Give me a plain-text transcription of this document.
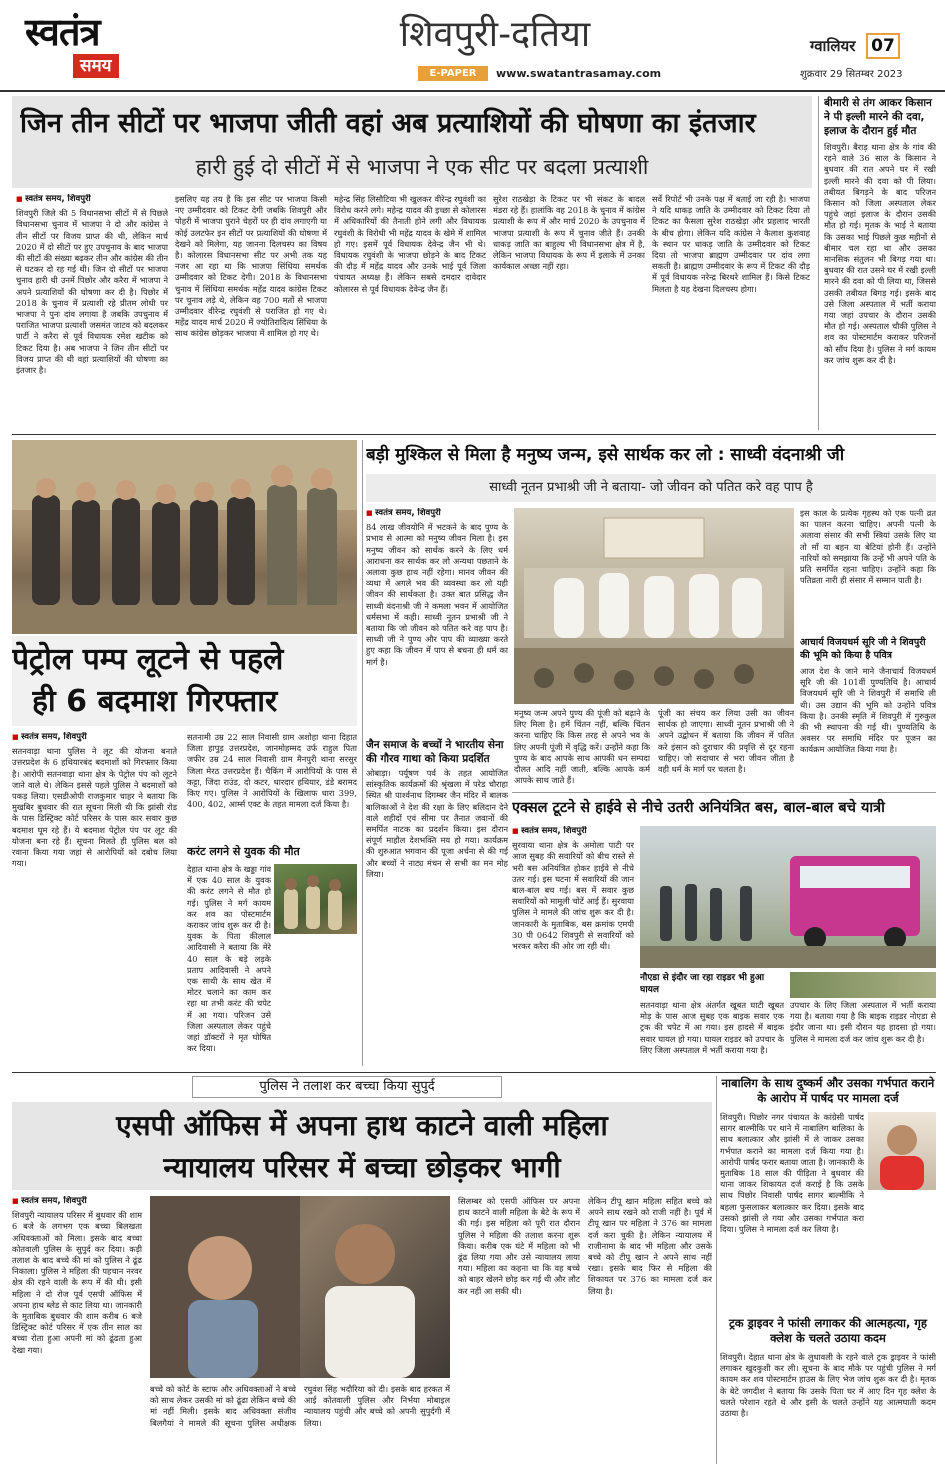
स्वतंत्र
समय
शिवपुरी-दतिया
E-PAPER	www.swatantrasamay.com
ग्वालियर 07
शुक्रवार 29 सितम्बर 2023
जिन तीन सीटों पर भाजपा जीती वहां अब प्रत्याशियों की घोषणा का इंतजार
हारी हुई दो सीटों में से भाजपा ने एक सीट पर बदला प्रत्याशी
■ स्वतंत्र समय, शिवपुरी
शिवपुरी जिले की 5 विधानसभा सीटों में से पिछले विधानसभा चुनाव में भाजपा ने दो और कांग्रेस ने तीन सीटों पर विजय प्राप्त की थी, लेकिन मार्च 2020 में दो सीटों पर हुए उपचुनाव के बाद भाजपा की सीटों की संख्या बढ़कर तीन और कांग्रेस की तीन से घटकर दो रह गई थी। जिन दो सीटों पर भाजपा चुनाव हारी थी उनमें पिछोर और करैरा में भाजपा ने अपने प्रत्याशियों की घोषणा कर दी है। पिछोर में 2018 के चुनाव में प्रत्याशी रहे प्रीतम लोधी पर भाजपा ने पुनः दांव लगाया है जबकि उपचुनाव में पराजित भाजपा प्रत्याशी जसमंत जाटव को बदलकर पार्टी ने करैरा से पूर्व विधायक रमेश खटीक को टिकट दिया है। अब भाजपा ने जिन तीन सीटों पर विजय प्राप्त की थी वहां प्रत्याशियों की घोषणा का इंतजार है।
इसलिए यह तय है कि इस सीट पर भाजपा किसी नए उम्मीदवार को टिकट देगी जबकि शिवपुरी और पोहरी में भाजपा पुराने चेहरों पर ही दांव लगाएगी या कोई उलटफेर इन सीटों पर प्रत्याशियों की घोषणा में देखने को मिलेगा, यह जानना दिलचस्प का विषय है। कोलारस विधानसभा सीट पर अभी तक यह नजर आ रहा था कि भाजपा सिंधिया समर्थक उम्मीदवार को टिकट देगी। 2018 के विधानसभा चुनाव में सिंधिया समर्थक महेंद्र यादव कांग्रेस टिकट पर चुनाव लड़े थे, लेकिन वह 700 मतों से भाजपा उम्मीदवार वीरेन्द्र रघुवंशी से पराजित हो गए थे। महेंद्र यादव मार्च 2020 में ज्योतिरादित्य सिंधिया के साथ कांग्रेस छोड़कर भाजपा में शामिल हो गए थे।
महेन्द्र सिंह लिसौटिया भी खुलकर वीरेन्द्र रघुवंशी का विरोध करने लगे। महेन्द्र यादव की इच्छा से कोलारस में अधिकारियों की तैनाती होने लगी और विधायक रघुवंशी के विरोधी भी महेंद्र यादव के खेमे में शामिल हो गए। इसमें पूर्व विधायक देवेन्द्र जैन भी थे। विधायक रघुवंशी के भाजपा छोड़ने के बाद टिकट की दौड़ में महेंद्र यादव और उनके भाई पूर्व जिला पंचायत अध्यक्ष हैं। लेकिन सबसे दमदार दावेदार कोलारस से पूर्व विधायक देवेन्द्र जैन हैं।
सुरेश राठखेड़ा के टिकट पर भी संकट के बादल मंडरा रहे हैं। हालांकि वह 2018 के चुनाव में कांग्रेस प्रत्याशी के रूप में और मार्च 2020 के उपचुनाव में भाजपा प्रत्याशी के रूप में चुनाव जीते हैं। उनकी धाकड़ जाति का बाहुल्य भी विधानसभा क्षेत्र में है, लेकिन भाजपा विधायक के रूप में इलाके में उनका कार्यकाल अच्छा नहीं रहा।
सर्वे रिपोर्ट भी उनके पक्ष में बताई जा रही है। भाजपा ने यदि धाकड़ जाति के उम्मीदवार को टिकट दिया तो टिकट का फैसला सुरेश राठखेड़ा और प्रहलाद भारती के बीच होगा। लेकिन यदि कांग्रेस ने कैलाश कुशवाह के स्थान पर धाकड़ जाति के उम्मीदवार को टिकट दिया तो भाजपा ब्राह्मण उम्मीदवार पर दांव लगा सकती है। ब्राह्मण उम्मीदवार के रूप में टिकट की दौड़ में पूर्व विधायक नरेन्द्र बिरथरे शामिल हैं। किसे टिकट मिलता है यह देखना दिलचस्प होगा।
बीमारी से तंग आकर किसान ने पी इल्ली मारने की दवा, इलाज के दौरान हुई मौत
शिवपुरी। बैराड़ थाना क्षेत्र के गांव की रहने वाले 36 साल के किसान ने बुधवार की रात अपने घर में रखी इल्ली मारने की दवा को पी लिया। तबीयत बिगड़ने के बाद परिजन किसान को जिला अस्पताल लेकर पहुंचे जहां इलाज के दौरान उसकी मौत हो गई। मृतक के भाई ने बताया कि उसका भाई पिछले कुछ महीनों से बीमार चल रहा था और उसका मानसिक संतुलन भी बिगड़ गया था। बुधवार की रात उसने घर में रखी इल्ली मारने की दवा को पी लिया था, जिससे उसकी तबीयत बिगड़ गई। इसके बाद उसे जिला अस्पताल में भर्ती कराया गया जहां उपचार के दौरान उसकी मौत हो गई। अस्पताल चौकी पुलिस ने शव का पोस्टमार्टम कराकर परिजनों को सौंप दिया है। पुलिस ने मर्ग कायम कर जांच शुरू कर दी है।
पेट्रोल पम्प लूटने से पहले
ही 6 बदमाश गिरफ्तार
■ स्वतंत्र समय, शिवपुरी
सतनवाड़ा थाना पुलिस ने लूट की योजना बनाते उत्तरप्रदेश के 6 हथियारबंद बदमाशों को गिरफ्तार किया है। आरोपी सतनवाड़ा थाना क्षेत्र के पेट्रोल पंप को लूटने जाने वाले थे। लेकिन इससे पहले पुलिस ने बदमाशों को पकड़ लिया। एसडीओपी राजकुमार चाहर ने बताया कि मुखबिर बुधवार की रात सूचना मिली थी कि झांसी रोड के पास डिस्ट्रिक्ट कोर्ट परिसर के पास कार सवार कुछ बदमाश घूम रहे हैं। ये बदमाश पेट्रोल पंप पर लूट की योजना बना रहे हैं। सूचना मिलते ही पुलिस बल को रवाना किया गया जहां से आरोपियों को दबोच लिया गया।
सतनामी उम्र 22 साल निवासी ग्राम अशोहा थाना दिहात जिला हापुड़ उत्तरप्रदेश, जानमोहम्मद उर्फ राहुल पिता जफीर उम्र 24 साल निवासी ग्राम मैनपुरी थाना सरसुर जिला मेरठ उत्तरप्रदेश हैं। चैकिंग में आरोपियों के पास से कट्टा, जिंदा राउंड, दो कटर, धारदार हथियार, डंडे बरामद किए गए। पुलिस ने आरोपियों के खिलाफ धारा 399, 400, 402, आर्म्स एक्ट के तहत मामला दर्ज किया है।
करंट लगने से युवक की मौत
देहात थाना क्षेत्र के खड्डा गांव में एक 40 साल के युवक की करंट लगने से मौत हो गई। पुलिस ने मर्ग कायम कर शव का पोस्टमार्टम कराकर जांच शुरू कर दी है। युवक के पिता कीलाल आदिवासी ने बताया कि मेरे 40 साल के बड़े लड़के प्रताप आदिवासी ने अपने एक साथी के साथ खेत में मोटर चलाने का काम कर रहा था तभी करंट की चपेट में आ गया। परिजन उसे जिला अस्पताल लेकर पहुंचे जहां डॉक्टरों ने मृत घोषित कर दिया।
बड़ी मुश्किल से मिला है मनुष्य जन्म, इसे सार्थक कर लो : साध्वी वंदनाश्री जी
साध्वी नूतन प्रभाश्री जी ने बताया- जो जीवन को पतित करे वह पाप है
■ स्वतंत्र समय, शिवपुरी
84 लाख जीवयोनि में भटकने के बाद पुण्य के प्रभाव से आत्मा को मनुष्य जीवन मिला है। इस मनुष्य जीवन को सार्थक करने के लिए धर्म आराधना कर सार्थक कर लो अन्यथा पछताने के अलावा कुछ हाथ नहीं रहेगा। मानव जीवन की व्यथा में अगले भव की व्यवस्था कर लो यही जीवन की सार्थकता है। उक्त बात प्रसिद्ध जैन साध्वी वंदनाश्री जी ने कमला भवन में आयोजित धर्मसभा में कही। साध्वी नूतन प्रभाश्री जी ने बताया कि जो जीवन को पतित करे वह पाप है। साध्वी जी ने पुण्य और पाप की व्याख्या करते हुए कहा कि जीवन में पाप से बचना ही धर्म का मार्ग है।
मनुष्य जन्म अपने पुण्य की पूंजी को बढ़ाने के लिए मिला है। हमें चिंतन नहीं, बल्कि चिंतन करना चाहिए कि किस तरह से अपने भव के लिए अपनी पूंजी में वृद्धि करें। उन्होंने कहा कि पुण्य के बाद आपके साथ आपकी धन सम्पदा दौलत आदि नहीं जाती, बल्कि आपके कर्म आपके साथ जाते हैं।
पूंजी का संचय कर लिया उसी का जीवन सार्थक हो जाएगा। साध्वी नूतन प्रभाश्री जी ने अपने उद्बोधन में बताया कि जीवन में पतित करे इंसान को दुराचार की प्रवृत्ति से दूर रहना चाहिए। जो सदाचार से भरा जीवन जीता है वही धर्म के मार्ग पर चलता है।
इस काल के प्रत्येक गृहस्थ को एक पत्नी व्रत का पालन करना चाहिए। अपनी पत्नी के अलावा संसार की सभी स्त्रियां उसके लिए या तो माँ या बहन या बेटियां होनी हैं। उन्होंने नारियों को समझाया कि उन्हें भी अपने पति के प्रति समर्पित रहना चाहिए। उन्होंने कहा कि पतिव्रता नारी ही संसार में सम्मान पाती है।
आचार्य विजयधर्म सूरि जी ने शिवपुरी की भूमि को किया है पवित्र
आज देश के जाने माने जैनाचार्य विजयधर्म सूरि जी की 101वीं पुण्यतिथि है। आचार्य विजयधर्म सूरि जी ने शिवपुरी में समाधि ली थी। उस उद्यान की भूमि को उन्होंने पवित्र किया है। उनकी स्मृति में शिवपुरी में गुरुकुल की भी स्थापना की गई थी। पुण्यतिथि के अवसर पर समाधि मंदिर पर पूजन का कार्यक्रम आयोजित किया गया है।
जैन समाज के बच्चों ने भारतीय सेना की गौरव गाथा को किया प्रदर्शित
ओबाड़ा। पर्यूषण पर्व के तहत आयोजित सांस्कृतिक कार्यक्रमों की श्रृंखला में परेड चौराहा स्थित श्री पार्श्वनाथ दिगम्बर जैन मंदिर में बालक बालिकाओं ने देश की रक्षा के लिए बलिदान देने वाले शहीदों एवं सीमा पर तैनात जवानों की समर्पित नाटक का प्रदर्शन किया। इस दौरान संपूर्ण माहौल देशभक्ति मय हो गया। कार्यक्रम की शुरुआत भगवान की पूजा अर्चना से की गई और बच्चों ने नाट्य मंचन से सभी का मन मोह लिया।
एक्सल टूटने से हाईवे से नीचे उतरी अनियंत्रित बस, बाल-बाल बचे यात्री
■ स्वतंत्र समय, शिवपुरी
सुरवाया थाना क्षेत्र के अमोला पाटी पर आज सुबह की सवारियों को बीच रास्ते से भरी बस अनियंत्रित होकर हाईवे से नीचे उतर गई। इस घटना में सवारियों की जान बाल-बाल बच गई। बस में सवार कुछ सवारियों को मामूली चोटें आई हैं। सुरवाया पुलिस ने मामले की जांच शुरू कर दी है। जानकारी के मुताबिक, बस क्रमांक एमपी 30 पी 0642 शिवपुरी से सवारियों को भरकर करैरा की ओर जा रही थी।
नौएडा से इंदौर जा रहा राइडर भी हुआ घायल
सतनवाड़ा थाना क्षेत्र अंतर्गत खूबत घाटी खूबत मोड़ के पास आज सुबह एक बाइक सवार एक ट्रक की चपेट में आ गया। इस हादसे में बाइक सवार घायल हो गया। घायल राइडर को उपचार के लिए जिला अस्पताल में भर्ती कराया गया है।
उपचार के लिए जिला अस्पताल में भर्ती कराया गया है। बताया गया है कि बाइक राइडर नोएडा से इंदौर जाना था। इसी दौरान यह हादसा हो गया। पुलिस ने मामला दर्ज कर जांच शुरू कर दी है।
पुलिस ने तलाश कर बच्चा किया सुपुर्द
एसपी ऑफिस में अपना हाथ काटने वाली महिला
न्यायालय परिसर में बच्चा छोड़कर भागी
■ स्वतंत्र समय, शिवपुरी
शिवपुरी न्यायालय परिसर में बुधवार की शाम 6 बजे के लगभग एक बच्चा बिलखता अधिवक्ताओं को मिला। इसके बाद बच्चा कोतवाली पुलिस के सुपुर्द कर दिया। कड़ी तलाश के बाद बच्चे की मां को पुलिस ने ढूंढ निकाला। पुलिस ने महिला की पहचान नरवर क्षेत्र की रहने वाली के रूप में की थी। इसी महिला ने दो रोज पूर्व एसपी ऑफिस में अपना हाथ ब्लेड से काट लिया था। जानकारी के मुताबिक बुधवार की शाम करीब 6 बजे डिस्ट्रिक्ट कोर्ट परिसर में एक तीन साल का बच्चा रोता हुआ अपनी मां को ढूंढता हुआ देखा गया।
बच्चे को कोर्ट के स्टाफ और अधिवक्ताओं ने बच्चे को साथ लेकर उसकी मां को ढूंढा लेकिन बच्चे की मां नहीं मिली। इसके बाद अधिवक्ता संजीव बिलगैयां ने मामले की सूचना पुलिस अधीक्षक रघुवंश सिंह भदौरिया को दी। इसके बाद हरकत में आई कोतवाली पुलिस और निर्भया मोबाइल न्यायालय पहुंची और बच्चे को अपनी सुपुर्दगी में लिया।
सिलम्बर को एसपी ऑफिस पर अपना हाथ काटने वाली महिला के बेटे के रूप में की गई। इस महिला को पूरी रात दौरान पुलिस ने महिला की तलाश करना शुरू किया। करीब एक घंटे में महिला को भी ढूंढ लिया गया और उसे न्यायालय लाया गया। महिला का कहना था कि वह बच्चे को बाहर खेलने छोड़ कर गई थी और लौट कर नहीं आ सकी थी।
लेकिन टीपू खान महिला सहित बच्चे को अपने साथ रखने को राजी नहीं है। पूर्व में टीपू खान पर महिला ने 376 का मामला दर्ज करा चुकी है। लेकिन न्यायालय में राजीनामा के बाद भी महिला और उसके बच्चे को टीपू खान ने अपने साथ नहीं रखा। इसके बाद फिर से महिला की शिकायत पर 376 का मामला दर्ज कर लिया है।
नाबालिग के साथ दुष्कर्म और उसका गर्भपात कराने के आरोप में पार्षद पर मामला दर्ज
शिवपुरी। पिछोर नगर पंचायत के कांग्रेसी पार्षद सागर बाल्मीकि पर थाने में नाबालिग बालिका के साथ बलात्कार और झांसी में ले जाकर उसका गर्भपात कराने का मामला दर्ज किया गया है। आरोपी पार्षद फरार बताया जाता है। जानकारी के मुताबिक 18 साल की पीड़िता ने बुधवार की थाना जाकर शिकायत दर्ज कराई है कि उसके साथ पिछोर निवासी पार्षद सागर बाल्मीकि ने बहला फुसलाकर बलात्कार कर दिया। इसके बाद उसको झांसी ले गया और उसका गर्भपात करा दिया। पुलिस ने मामला दर्ज कर लिया है।
ट्रक ड्राइवर ने फांसी लगाकर की आत्महत्या, गृह क्लेश के चलते उठाया कदम
शिवपुरी। देहात थाना क्षेत्र के लुधावली के रहने वाले ट्रक ड्राइवर ने फांसी लगाकर खुदकुशी कर ली। सूचना के बाद मौके पर पहुंची पुलिस ने मर्ग कायम कर शव पोस्टमार्टम हाउस के लिए भेज जांच शुरू कर दी है। मृतक के बेटे जगदीश ने बताया कि उसके पिता घर में आए दिन गृह क्लेश के चलते परेशान रहते थे और इसी के चलते उन्होंने यह आत्मघाती कदम उठाया है।
